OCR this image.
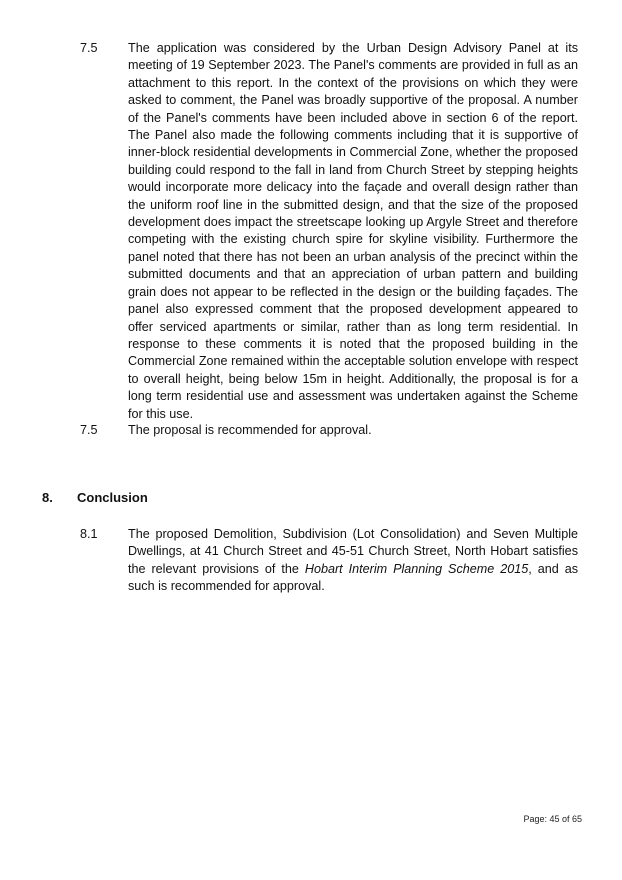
7.5 The application was considered by the Urban Design Advisory Panel at its meeting of 19 September 2023. The Panel's comments are provided in full as an attachment to this report. In the context of the provisions on which they were asked to comment, the Panel was broadly supportive of the proposal. A number of the Panel's comments have been included above in section 6 of the report. The Panel also made the following comments including that it is supportive of inner-block residential developments in Commercial Zone, whether the proposed building could respond to the fall in land from Church Street by stepping heights would incorporate more delicacy into the façade and overall design rather than the uniform roof line in the submitted design, and that the size of the proposed development does impact the streetscape looking up Argyle Street and therefore competing with the existing church spire for skyline visibility. Furthermore the panel noted that there has not been an urban analysis of the precinct within the submitted documents and that an appreciation of urban pattern and building grain does not appear to be reflected in the design or the building façades. The panel also expressed comment that the proposed development appeared to offer serviced apartments or similar, rather than as long term residential. In response to these comments it is noted that the proposed building in the Commercial Zone remained within the acceptable solution envelope with respect to overall height, being below 15m in height. Additionally, the proposal is for a long term residential use and assessment was undertaken against the Scheme for this use.
7.5 The proposal is recommended for approval.
8. Conclusion
8.1 The proposed Demolition, Subdivision (Lot Consolidation) and Seven Multiple Dwellings, at 41 Church Street and 45-51 Church Street, North Hobart satisfies the relevant provisions of the Hobart Interim Planning Scheme 2015, and as such is recommended for approval.
Page: 45 of 65
